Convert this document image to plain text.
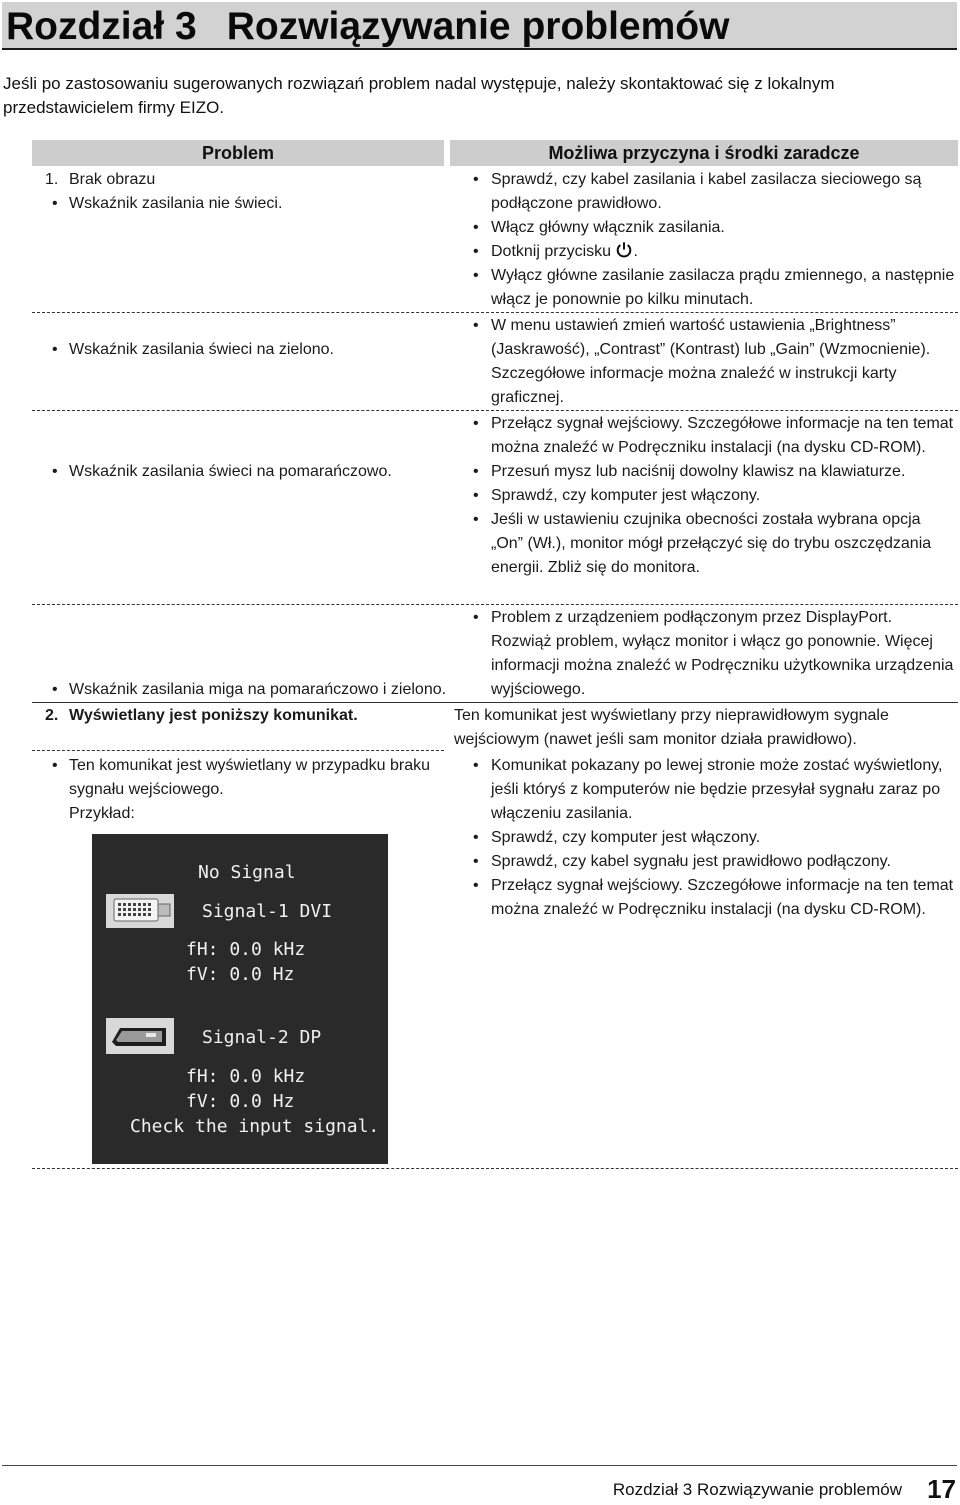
Rozdział 3 Rozwiązywanie problemów
Jeśli po zastosowaniu sugerowanych rozwiązań problem nadal występuje, należy skontaktować się z lokalnym przedstawicielem firmy EIZO.
Problem	Możliwa przyczyna i środki zaradcze
1. Brak obrazu
• Wskaźnik zasilania nie świeci.
• Sprawdź, czy kabel zasilania i kabel zasilacza sieciowego są podłączone prawidłowo.
• Włącz główny włącznik zasilania.
• Dotknij przycisku .
• Wyłącz główne zasilanie zasilacza prądu zmiennego, a następnie włącz je ponownie po kilku minutach.
• Wskaźnik zasilania świeci na zielono.
• W menu ustawień zmień wartość ustawienia „Brightness” (Jaskrawość), „Contrast” (Kontrast) lub „Gain” (Wzmocnienie). Szczegółowe informacje można znaleźć w instrukcji karty graficznej.
• Wskaźnik zasilania świeci na pomarańczowo.
• Przełącz sygnał wejściowy. Szczegółowe informacje na ten temat można znaleźć w Podręczniku instalacji (na dysku CD-ROM).
• Przesuń mysz lub naciśnij dowolny klawisz na klawiaturze.
• Sprawdź, czy komputer jest włączony.
• Jeśli w ustawieniu czujnika obecności została wybrana opcja „On” (Wł.), monitor mógł przełączyć się do trybu oszczędzania energii. Zbliż się do monitora.
• Wskaźnik zasilania miga na pomarańczowo i zielono.
• Problem z urządzeniem podłączonym przez DisplayPort. Rozwiąż problem, wyłącz monitor i włącz go ponownie. Więcej informacji można znaleźć w Podręczniku użytkownika urządzenia wyjściowego.
2. Wyświetlany jest poniższy komunikat.	Ten komunikat jest wyświetlany przy nieprawidłowym sygnale wejściowym (nawet jeśli sam monitor działa prawidłowo).
• Ten komunikat jest wyświetlany w przypadku braku sygnału wejściowego.
Przykład:
• Komunikat pokazany po lewej stronie może zostać wyświetlony, jeśli któryś z komputerów nie będzie przesyłał sygnału zaraz po włączeniu zasilania.
• Sprawdź, czy komputer jest włączony.
• Sprawdź, czy kabel sygnału jest prawidłowo podłączony.
• Przełącz sygnał wejściowy. Szczegółowe informacje na ten temat można znaleźć w Podręczniku instalacji (na dysku CD-ROM).
No Signal
Signal-1 DVI
fH: 0.0 kHz
fV: 0.0 Hz
Signal-2 DP
fH: 0.0 kHz
fV: 0.0 Hz
Check the input signal.
Rozdział 3 Rozwiązywanie problemów 17
